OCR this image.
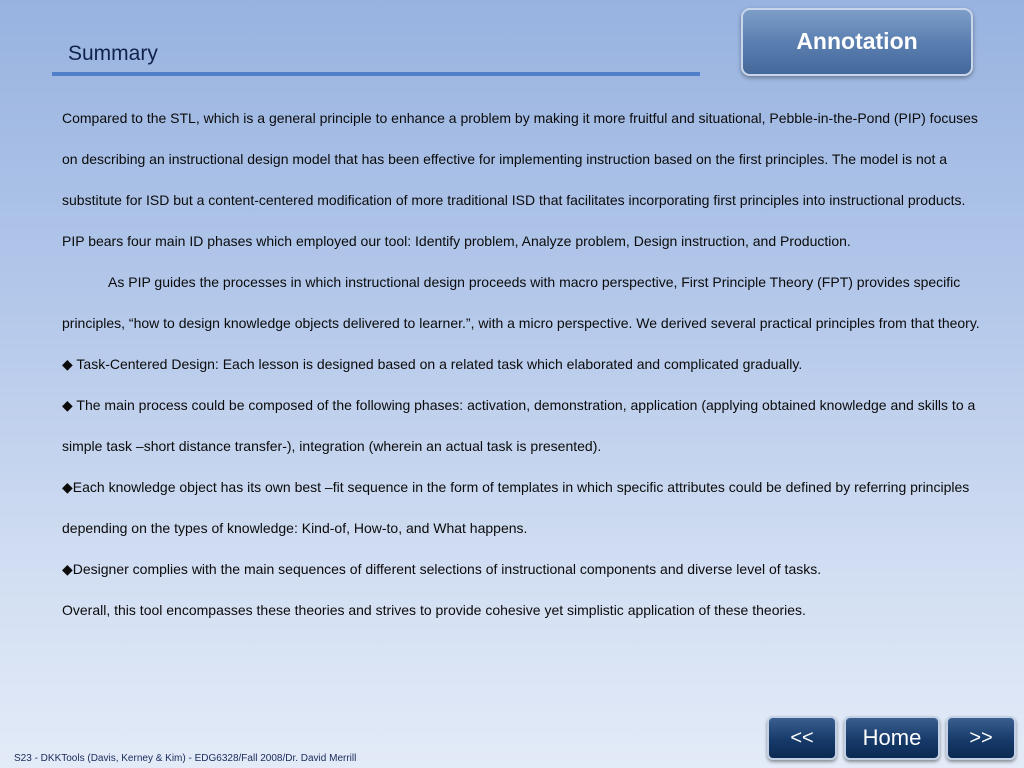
Summary	Annotation

Compared to the STL, which is a general principle to enhance a problem by making it more fruitful and situational, Pebble-in-the-Pond (PIP) focuses on describing an instructional design model that has been effective for implementing instruction based on the first principles. The model is not a substitute for ISD but a content-centered modification of more traditional ISD that facilitates incorporating first principles into instructional products. PIP bears four main ID phases which employed our tool: Identify problem, Analyze problem, Design instruction, and Production.

As PIP guides the processes in which instructional design proceeds with macro perspective, First Principle Theory (FPT) provides specific principles, “how to design knowledge objects delivered to learner.”, with a micro perspective. We derived several practical principles from that theory.

◆ Task-Centered Design: Each lesson is designed based on a related task which elaborated and complicated gradually.

◆ The main process could be composed of the following phases: activation, demonstration, application (applying obtained knowledge and skills to a simple task –short distance transfer-), integration (wherein an actual task is presented).

◆Each knowledge object has its own best –fit sequence in the form of templates in which specific attributes could be defined by referring principles depending on the types of knowledge: Kind-of, How-to, and What happens.

◆Designer complies with the main sequences of different selections of instructional components and diverse level of tasks.

Overall, this tool encompasses these theories and strives to provide cohesive yet simplistic application of these theories.

<<	Home	>>
S23 - DKKTools (Davis, Kerney & Kim) - EDG6328/Fall 2008/Dr. David Merrill
